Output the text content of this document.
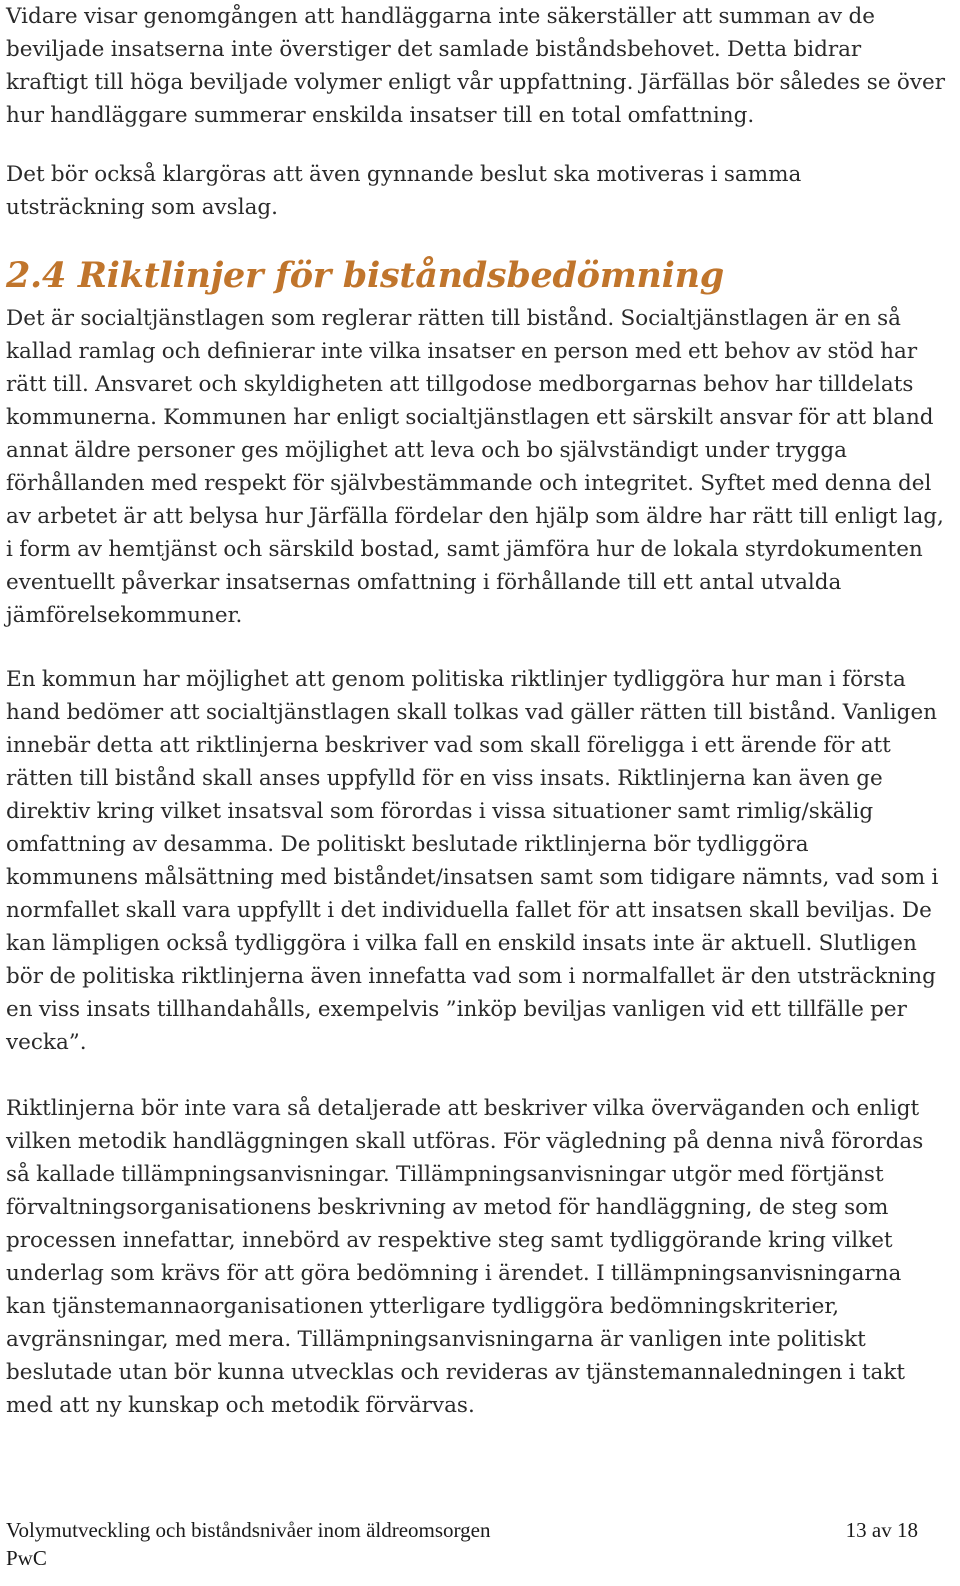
Vidare visar genomgången att handläggarna inte säkerställer att summan av de beviljade insatserna inte överstiger det samlade biståndsbehovet. Detta bidrar kraftigt till höga beviljade volymer enligt vår uppfattning. Järfällas bör således se över hur handläggare summerar enskilda insatser till en total omfattning.

Det bör också klargöras att även gynnande beslut ska motiveras i samma utsträckning som avslag.

2.4 Riktlinjer för biståndsbedömning

Det är socialtjänstlagen som reglerar rätten till bistånd. Socialtjänstlagen är en så kallad ramlag och definierar inte vilka insatser en person med ett behov av stöd har rätt till. Ansvaret och skyldigheten att tillgodose medborgarnas behov har tilldelats kommunerna. Kommunen har enligt socialtjänstlagen ett särskilt ansvar för att bland annat äldre personer ges möjlighet att leva och bo självständigt under trygga förhållanden med respekt för självbestämmande och integritet. Syftet med denna del av arbetet är att belysa hur Järfälla fördelar den hjälp som äldre har rätt till enligt lag, i form av hemtjänst och särskild bostad, samt jämföra hur de lokala styrdokumenten eventuellt påverkar insatsernas omfattning i förhållande till ett antal utvalda jämförelsekommuner.

En kommun har möjlighet att genom politiska riktlinjer tydliggöra hur man i första hand bedömer att socialtjänstlagen skall tolkas vad gäller rätten till bistånd. Vanligen innebär detta att riktlinjerna beskriver vad som skall föreligga i ett ärende för att rätten till bistånd skall anses uppfylld för en viss insats. Riktlinjerna kan även ge direktiv kring vilket insatsval som förordas i vissa situationer samt rimlig/skälig omfattning av desamma. De politiskt beslutade riktlinjerna bör tydliggöra kommunens målsättning med biståndet/insatsen samt som tidigare nämnts, vad som i normfallet skall vara uppfyllt i det individuella fallet för att insatsen skall beviljas. De kan lämpligen också tydliggöra i vilka fall en enskild insats inte är aktuell. Slutligen bör de politiska riktlinjerna även innefatta vad som i normalfallet är den utsträckning en viss insats tillhandahålls, exempelvis ”inköp beviljas vanligen vid ett tillfälle per vecka”.

Riktlinjerna bör inte vara så detaljerade att beskriver vilka överväganden och enligt vilken metodik handläggningen skall utföras. För vägledning på denna nivå förordas så kallade tillämpningsanvisningar. Tillämpningsanvisningar utgör med förtjänst förvaltningsorganisationens beskrivning av metod för handläggning, de steg som processen innefattar, innebörd av respektive steg samt tydliggörande kring vilket underlag som krävs för att göra bedömning i ärendet. I tillämpningsanvisningarna kan tjänstemannaorganisationen ytterligare tydliggöra bedömningskriterier, avgränsningar, med mera. Tillämpningsanvisningarna är vanligen inte politiskt beslutade utan bör kunna utvecklas och revideras av tjänstemannaledningen i takt med att ny kunskap och metodik förvärvas.

Volymutveckling och biståndsnivåer inom äldreomsorgen	13 av 18
PwC
